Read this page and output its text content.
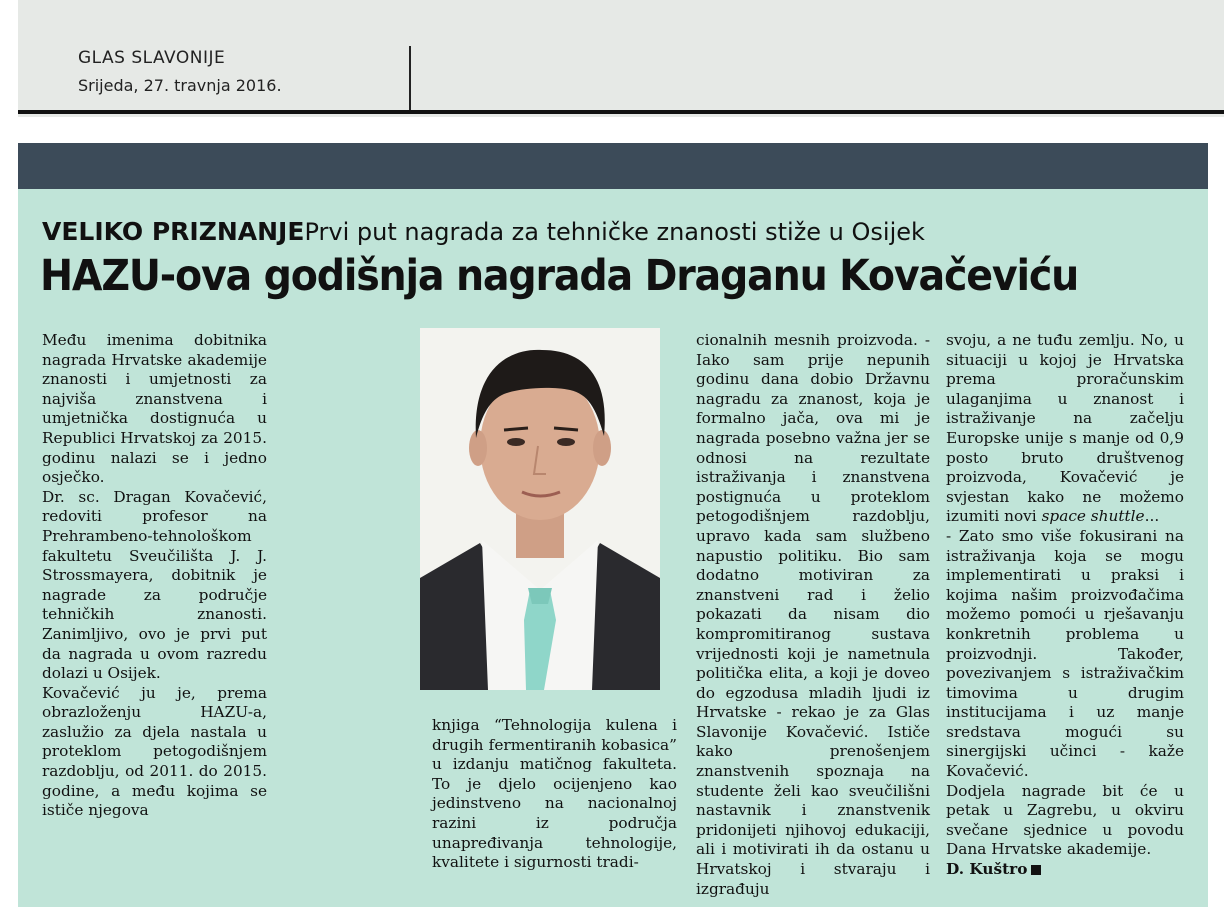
GLAS SLAVONIJE
Srijeda, 27. travnja 2016.
VELIKO PRIZNANJEPrvi put nagrada za tehničke znanosti stiže u Osijek
HAZU-ova godišnja nagrada Draganu Kovačeviću

Među imenima dobitnika nagrada Hrvatske akademije znanosti i umjetnosti za najviša znanstvena i umjetnička dostignuća u Republici Hrvatskoj za 2015. godinu nalazi se i jedno osječko.

Dr. sc. Dragan Kovačević, redoviti profesor na Prehrambeno-tehnološkom fakultetu Sveučilišta J. J. Strossmayera, dobitnik je nagrade za područje tehničkih znanosti. Zanimljivo, ovo je prvi put da nagrada u ovom razredu dolazi u Osijek.

Kovačević ju je, prema obrazloženju HAZU-a, zaslužio za djela nastala u proteklom petogodišnjem razdoblju, od 2011. do 2015. godine, a među kojima se ističe njegova

knjiga “Tehnologija kulena i drugih fermentiranih kobasica” u izdanju matičnog fakulteta. To je djelo ocijenjeno kao jedinstveno na nacionalnoj razini iz područja unapređivanja tehnologije, kvalitete i sigurnosti tradi-

cionalnih mesnih proizvoda. - Iako sam prije nepunih godinu dana dobio Državnu nagradu za znanost, koja je formalno jača, ova mi je nagrada posebno važna jer se odnosi na rezultate istraživanja i znanstvena postignuća u proteklom petogodišnjem razdoblju, upravo kada sam službeno napustio politiku. Bio sam dodatno motiviran za znanstveni rad i želio pokazati da nisam dio kompromitiranog sustava vrijednosti koji je nametnula politička elita, a koji je doveo do egzodusa mladih ljudi iz Hrvatske - rekao je za Glas Slavonije Kovačević. Ističe kako prenošenjem znanstvenih spoznaja na studente želi kao sveučilišni nastavnik i znanstvenik pridonijeti njihovoj edukaciji, ali i motivirati ih da ostanu u Hrvatskoj i stvaraju i izgrađuju

svoju, a ne tuđu zemlju. No, u situaciji u kojoj je Hrvatska prema proračunskim ulaganjima u znanost i istraživanje na začelju Europske unije s manje od 0,9 posto bruto društvenog proizvoda, Kovačević je svjestan kako ne možemo izumiti novi space shuttle...

- Zato smo više fokusirani na istraživanja koja se mogu implementirati u praksi i kojima našim proizvođačima možemo pomoći u rješavanju konkretnih problema u proizvodnji. Također, povezivanjem s istraživačkim timovima u drugim institucijama i uz manje sredstava mogući su sinergijski učinci - kaže Kovačević.

Dodjela nagrade bit će u petak u Zagrebu, u okviru svečane sjednice u povodu Dana Hrvatske akademije.

D. Kuštro
